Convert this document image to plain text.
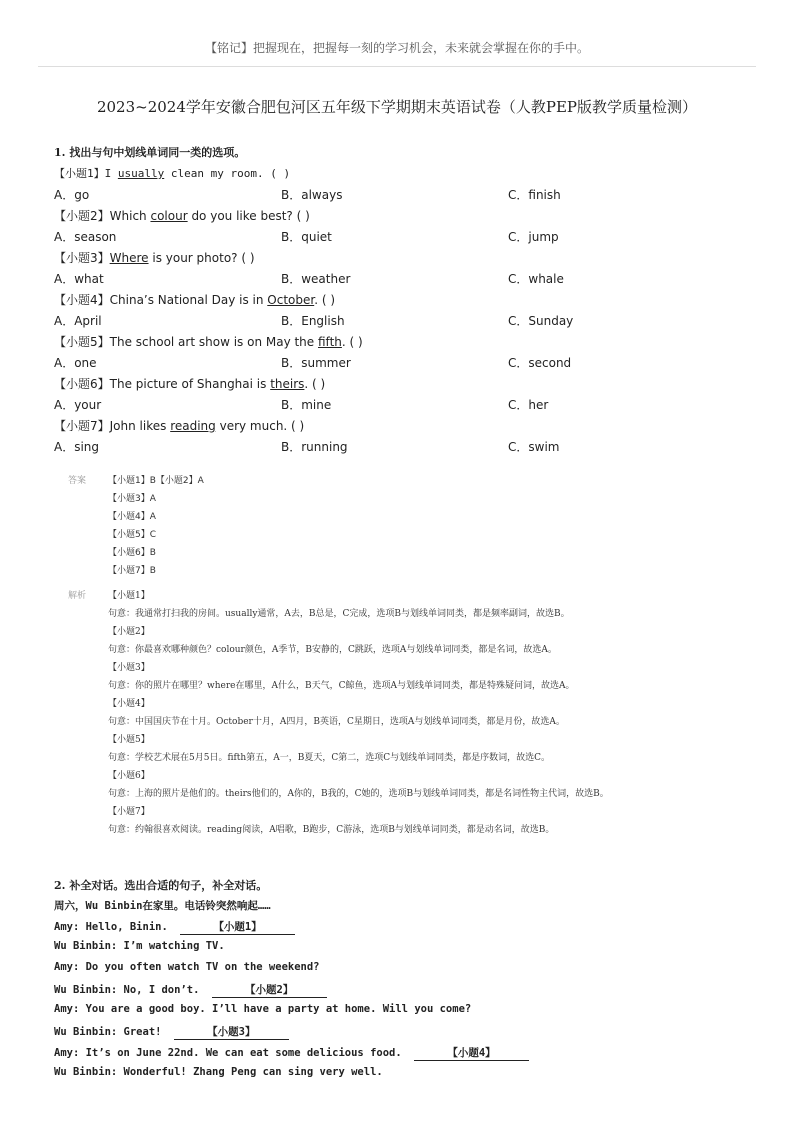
【铭记】把握现在，把握每一刻的学习机会，未来就会掌握在你的手中。
2023~2024学年安徽合肥包河区五年级下学期期末英语试卷（人教PEP版教学质量检测）
1. 找出与句中划线单词同一类的选项。
【小题1】I usually clean my room. ( )
A．go	B．always	C．finish
【小题2】Which colour do you like best? ( )
A．season	B．quiet	C．jump
【小题3】Where is your photo? ( )
A．what	B．weather	C．whale
【小题4】China’s National Day is in October. ( )
A．April	B．English	C．Sunday
【小题5】The school art show is on May the fifth. ( )
A．one	B．summer	C．second
【小题6】The picture of Shanghai is theirs. ( )
A．your	B．mine	C．her
【小题7】John likes reading very much. ( )
A．sing	B．running	C．swim
答案 【小题1】B【小题2】A
【小题3】A
【小题4】A
【小题5】C
【小题6】B
【小题7】B
解析 【小题1】
句意：我通常打扫我的房间。usually通常，A去，B总是，C完成，选项B与划线单词同类，都是频率副词，故选B。
【小题2】
句意：你最喜欢哪种颜色？colour颜色，A季节，B安静的，C跳跃，选项A与划线单词同类，都是名词，故选A。
【小题3】
句意：你的照片在哪里？where在哪里，A什么，B天气，C鲸鱼，选项A与划线单词同类，都是特殊疑问词，故选A。
【小题4】
句意：中国国庆节在十月。October十月，A四月，B英语，C星期日，选项A与划线单词同类，都是月份，故选A。
【小题5】
句意：学校艺术展在5月5日。fifth第五，A一，B夏天，C第二，选项C与划线单词同类，都是序数词，故选C。
【小题6】
句意：上海的照片是他们的。theirs他们的，A你的，B我的，C她的，选项B与划线单词同类，都是名词性物主代词，故选B。
【小题7】
句意：约翰很喜欢阅读。reading阅读，A唱歌，B跑步，C游泳，选项B与划线单词同类，都是动名词，故选B。
2. 补全对话。选出合适的句子，补全对话。
周六，Wu Binbin在家里。电话铃突然响起……
Amy: Hello, Binin.	【小题1】
Wu Binbin: I’m watching TV.
Amy: Do you often watch TV on the weekend?
Wu Binbin: No, I don’t.	【小题2】
Amy: You are a good boy. I’ll have a party at home. Will you come?
Wu Binbin: Great!	【小题3】
Amy: It’s on June 22nd. We can eat some delicious food.	【小题4】
Wu Binbin: Wonderful! Zhang Peng can sing very well.
